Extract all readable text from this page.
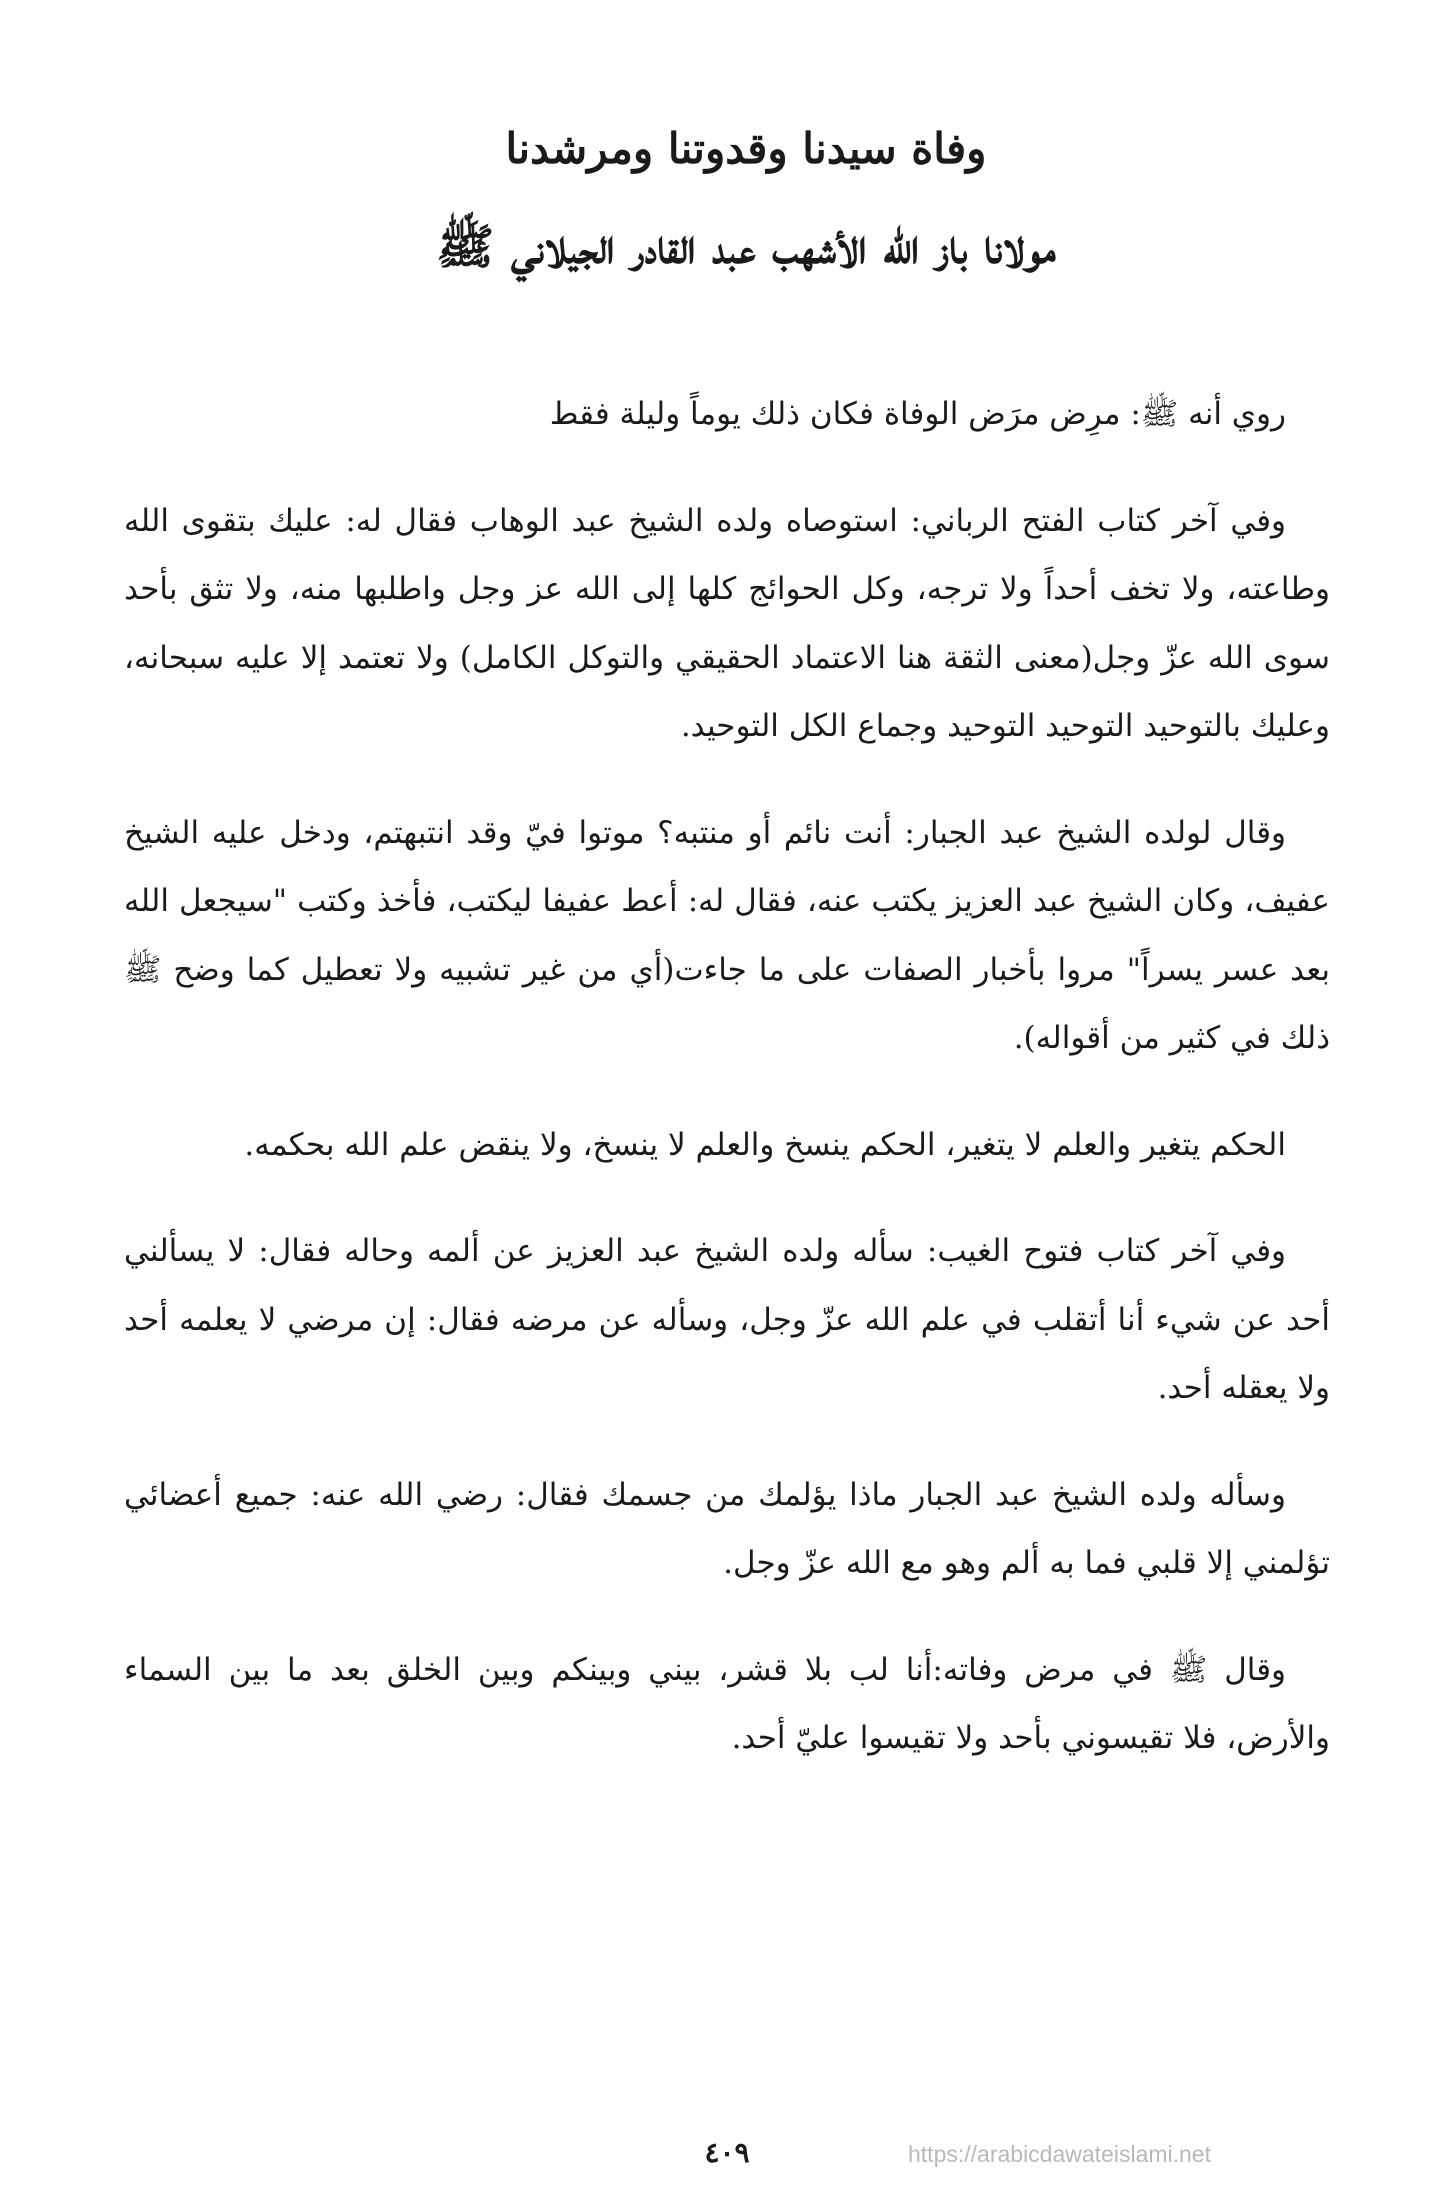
وفاة سيدنا وقدوتنا ومرشدنا
مولانا باز الله الأشهب عبد القادر الجيلاني ﷺ

روي أنه ﷺ: مرِض مرَض الوفاة فكان ذلك يوماً وليلة فقط

وفي آخر كتاب الفتح الرباني: استوصاه ولده الشيخ عبد الوهاب فقال له: عليك بتقوى الله وطاعته، ولا تخف أحداً ولا ترجه، وكل الحوائج كلها إلى الله عز وجل واطلبها منه، ولا تثق بأحد سوى الله عزّ وجل(معنى الثقة هنا الاعتماد الحقيقي والتوكل الكامل) ولا تعتمد إلا عليه سبحانه، وعليك بالتوحيد التوحيد التوحيد وجماع الكل التوحيد.

وقال لولده الشيخ عبد الجبار: أنت نائم أو منتبه؟ موتوا فيّ وقد انتبهتم، ودخل عليه الشيخ عفيف، وكان الشيخ عبد العزيز يكتب عنه، فقال له: أعط عفيفا ليكتب، فأخذ وكتب "سيجعل الله بعد عسر يسراً" مروا بأخبار الصفات على ما جاءت(أي من غير تشبيه ولا تعطيل كما وضح ﷺ ذلك في كثير من أقواله).

الحكم يتغير والعلم لا يتغير، الحكم ينسخ والعلم لا ينسخ، ولا ينقض علم الله بحكمه.

وفي آخر كتاب فتوح الغيب: سأله ولده الشيخ عبد العزيز عن ألمه وحاله فقال: لا يسألني أحد عن شيء أنا أتقلب في علم الله عزّ وجل، وسأله عن مرضه فقال: إن مرضي لا يعلمه أحد ولا يعقله أحد.

وسأله ولده الشيخ عبد الجبار ماذا يؤلمك من جسمك فقال: رضي الله عنه: جميع أعضائي تؤلمني إلا قلبي فما به ألم وهو مع الله عزّ وجل.

وقال ﷺ في مرض وفاته:أنا لب بلا قشر، بيني وبينكم وبين الخلق بعد ما بين السماء والأرض، فلا تقيسوني بأحد ولا تقيسوا عليّ أحد.

٤٠٩	https://arabicdawateislami.net
